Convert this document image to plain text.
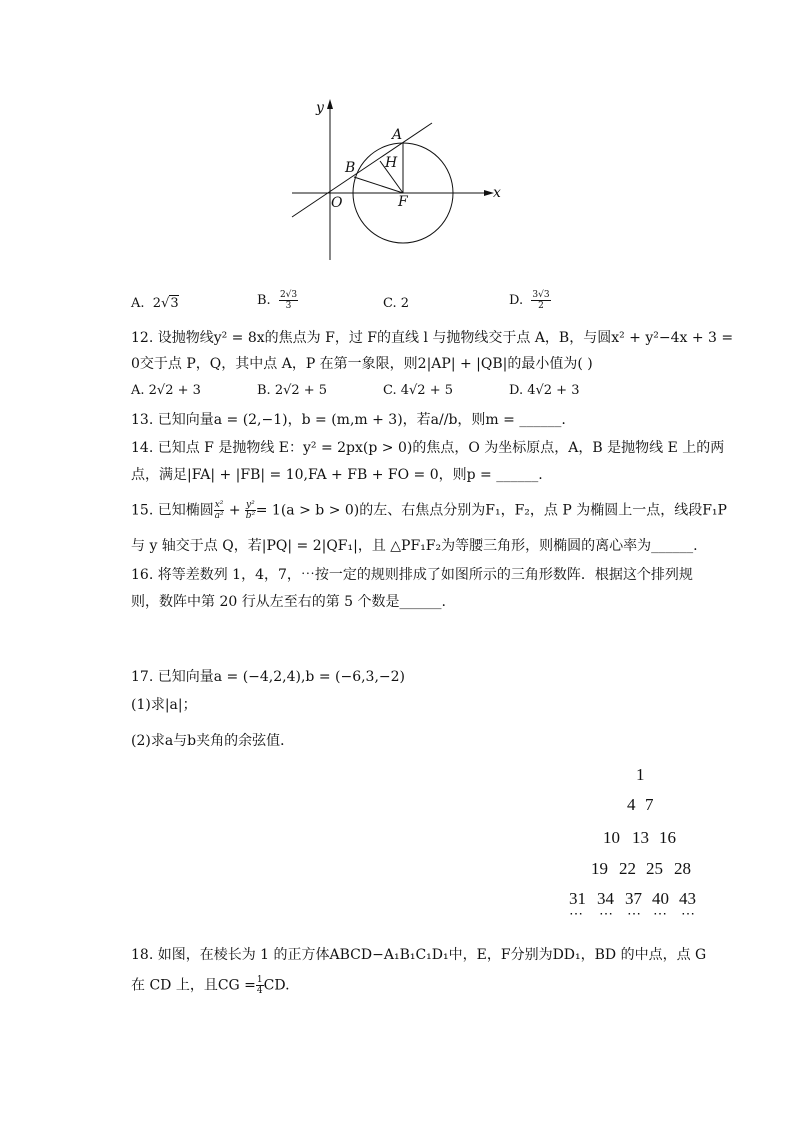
y
x
O
A
B H
F
A. 2√3	B. $\frac{2√3}{3}$	C. 2	D. $\frac{3√3}{2}$
12. 设抛物线y² = 8x的焦点为 F，过 F的直线 l 与抛物线交于点 A，B，与圆x² + y²−4x + 3 =
0交于点 P，Q，其中点 A，P 在第一象限，则2|AP| + |QB|的最小值为( )
A. 2√2 + 3	B. 2√2 + 5	C. 4√2 + 5	D. 4√2 + 3
13. 已知向量a = (2,−1)，b = (m,m + 3)，若a//b，则m = ______.
14. 已知点 F 是抛物线 E：y² = 2px(p > 0)的焦点，O 为坐标原点，A，B 是抛物线 E 上的两
点，满足|FA| + |FB| = 10,FA + FB + FO = 0，则p = ______.
15. 已知椭圆 $\frac{\text{x²}}{\text{a²}} + \frac{\text{y²}}{\text{b²}} = 1(a > b > 0)$的左、右焦点分别为F₁，F₂，点 P 为椭圆上一点，线段F₁P
与 y 轴交于点 Q，若|PQ| = 2|QF₁|，且 △PF₁F₂为等腰三角形，则椭圆的离心率为______.
16. 将等差数列 1，4，7，⋯按一定的规则排成了如图所示的三角形数阵．根据这个排列规
则，数阵中第 20 行从左至右的第 5 个数是______.
17. 已知向量a = (−4,2,4),b = (−6,3,−2)
(1)求|a|；
(2)求a与b夹角的余弦值．
1
4 7
10 13 16
19 22 25 28
31 34 37 40 43
⋯ ⋯ ⋯ ⋯ ⋯
18. 如图，在棱长为 1 的正方体ABCD−A₁B₁C₁D₁中，E，F分别为DD₁，BD 的中点，点 G
在 CD 上，且CG = $\frac{1}{4}$ CD.
